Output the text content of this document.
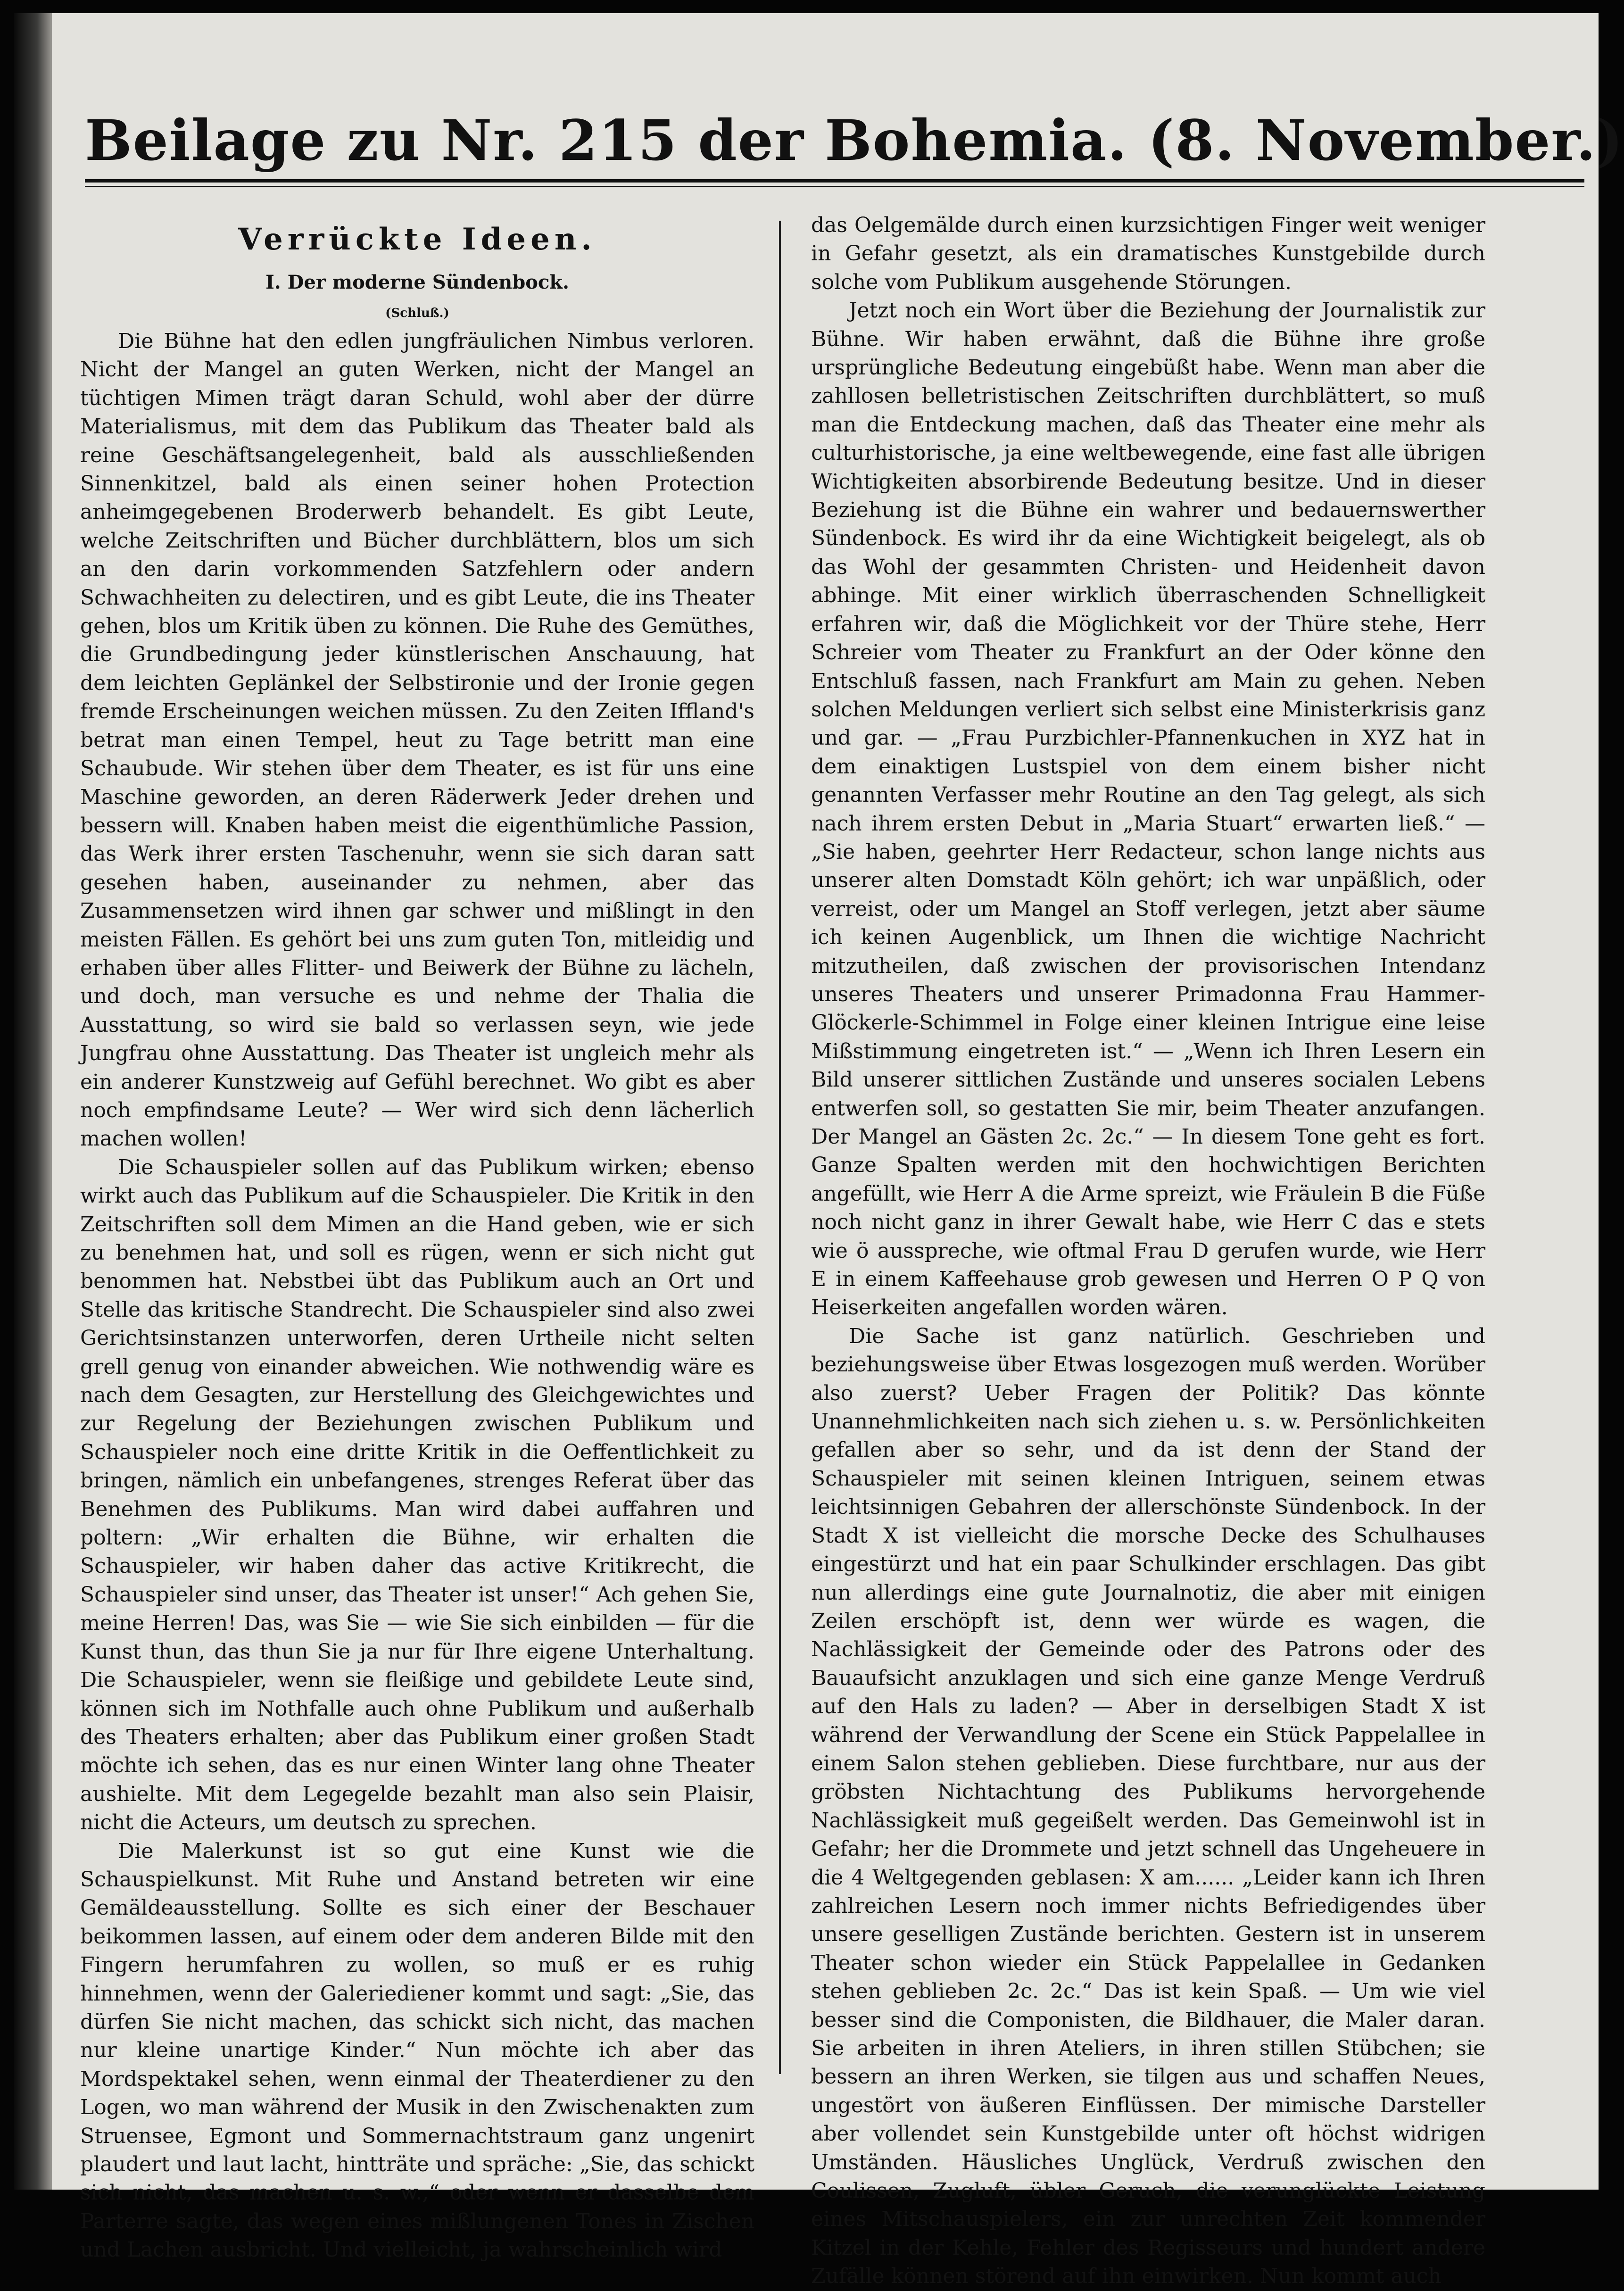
Beilage zu Nr. 215 der Bohemia. (8. November.)
Verrückte Ideen.
I. Der moderne Sündenbock.
(Schluß.)

Die Bühne hat den edlen jungfräulichen Nimbus verloren. Nicht der Mangel an guten Werken, nicht der Mangel an tüchtigen Mimen trägt daran Schuld, wohl aber der dürre Materialismus, mit dem das Publikum das Theater bald als reine Geschäftsangelegenheit, bald als ausschließenden Sinnenkitzel, bald als einen seiner hohen Protection anheimgegebenen Broderwerb behandelt. Es gibt Leute, welche Zeitschriften und Bücher durchblättern, blos um sich an den darin vorkommenden Satzfehlern oder andern Schwachheiten zu delectiren, und es gibt Leute, die ins Theater gehen, blos um Kritik üben zu können. Die Ruhe des Gemüthes, die Grundbedingung jeder künstlerischen Anschauung, hat dem leichten Geplänkel der Selbstironie und der Ironie gegen fremde Erscheinungen weichen müssen. Zu den Zeiten Iffland's betrat man einen Tempel, heut zu Tage betritt man eine Schaubude. Wir stehen über dem Theater, es ist für uns eine Maschine geworden, an deren Räderwerk Jeder drehen und bessern will. Knaben haben meist die eigenthümliche Passion, das Werk ihrer ersten Taschenuhr, wenn sie sich daran satt gesehen haben, auseinander zu nehmen, aber das Zusammensetzen wird ihnen gar schwer und mißlingt in den meisten Fällen. Es gehört bei uns zum guten Ton, mitleidig und erhaben über alles Flitter- und Beiwerk der Bühne zu lächeln, und doch, man versuche es und nehme der Thalia die Ausstattung, so wird sie bald so verlassen seyn, wie jede Jungfrau ohne Ausstattung. Das Theater ist ungleich mehr als ein anderer Kunstzweig auf Gefühl berechnet. Wo gibt es aber noch empfindsame Leute? — Wer wird sich denn lächerlich machen wollen!

Die Schauspieler sollen auf das Publikum wirken; ebenso wirkt auch das Publikum auf die Schauspieler. Die Kritik in den Zeitschriften soll dem Mimen an die Hand geben, wie er sich zu benehmen hat, und soll es rügen, wenn er sich nicht gut benommen hat. Nebstbei übt das Publikum auch an Ort und Stelle das kritische Standrecht. Die Schauspieler sind also zwei Gerichtsinstanzen unterworfen, deren Urtheile nicht selten grell genug von einander abweichen. Wie nothwendig wäre es nach dem Gesagten, zur Herstellung des Gleichgewichtes und zur Regelung der Beziehungen zwischen Publikum und Schauspieler noch eine dritte Kritik in die Oeffentlichkeit zu bringen, nämlich ein unbefangenes, strenges Referat über das Benehmen des Publikums. Man wird dabei auffahren und poltern: „Wir erhalten die Bühne, wir erhalten die Schauspieler, wir haben daher das active Kritikrecht, die Schauspieler sind unser, das Theater ist unser!“ Ach gehen Sie, meine Herren! Das, was Sie — wie Sie sich einbilden — für die Kunst thun, das thun Sie ja nur für Ihre eigene Unterhaltung. Die Schauspieler, wenn sie fleißige und gebildete Leute sind, können sich im Nothfalle auch ohne Publikum und außerhalb des Theaters erhalten; aber das Publikum einer großen Stadt möchte ich sehen, das es nur einen Winter lang ohne Theater aushielte. Mit dem Legegelde bezahlt man also sein Plaisir, nicht die Acteurs, um deutsch zu sprechen.

Die Malerkunst ist so gut eine Kunst wie die Schauspielkunst. Mit Ruhe und Anstand betreten wir eine Gemäldeausstellung. Sollte es sich einer der Beschauer beikommen lassen, auf einem oder dem anderen Bilde mit den Fingern herumfahren zu wollen, so muß er es ruhig hinnehmen, wenn der Galeriediener kommt und sagt: „Sie, das dürfen Sie nicht machen, das schickt sich nicht, das machen nur kleine unartige Kinder.“ Nun möchte ich aber das Mordspektakel sehen, wenn einmal der Theaterdiener zu den Logen, wo man während der Musik in den Zwischenakten zum Struensee, Egmont und Sommernachtstraum ganz ungenirt plaudert und laut lacht, hintträte und spräche: „Sie, das schickt sich nicht, das machen u. s. w.,“ oder wenn er dasselbe dem Parterre sagte, das wegen eines mißlungenen Tones in Zischen und Lachen ausbricht. Und vielleicht, ja wahrscheinlich wird

das Oelgemälde durch einen kurzsichtigen Finger weit weniger in Gefahr gesetzt, als ein dramatisches Kunstgebilde durch solche vom Publikum ausgehende Störungen.

Jetzt noch ein Wort über die Beziehung der Journalistik zur Bühne. Wir haben erwähnt, daß die Bühne ihre große ursprüngliche Bedeutung eingebüßt habe. Wenn man aber die zahllosen belletristischen Zeitschriften durchblättert, so muß man die Entdeckung machen, daß das Theater eine mehr als culturhistorische, ja eine weltbewegende, eine fast alle übrigen Wichtigkeiten absorbirende Bedeutung besitze. Und in dieser Beziehung ist die Bühne ein wahrer und bedauernswerther Sündenbock. Es wird ihr da eine Wichtigkeit beigelegt, als ob das Wohl der gesammten Christen- und Heidenheit davon abhinge. Mit einer wirklich überraschenden Schnelligkeit erfahren wir, daß die Möglichkeit vor der Thüre stehe, Herr Schreier vom Theater zu Frankfurt an der Oder könne den Entschluß fassen, nach Frankfurt am Main zu gehen. Neben solchen Meldungen verliert sich selbst eine Ministerkrisis ganz und gar. — „Frau Purzbichler-Pfannenkuchen in XYZ hat in dem einaktigen Lustspiel von dem einem bisher nicht genannten Verfasser mehr Routine an den Tag gelegt, als sich nach ihrem ersten Debut in „Maria Stuart“ erwarten ließ.“ — „Sie haben, geehrter Herr Redacteur, schon lange nichts aus unserer alten Domstadt Köln gehört; ich war unpäßlich, oder verreist, oder um Mangel an Stoff verlegen, jetzt aber säume ich keinen Augenblick, um Ihnen die wichtige Nachricht mitzutheilen, daß zwischen der provisorischen Intendanz unseres Theaters und unserer Primadonna Frau Hammer-Glöckerle-Schimmel in Folge einer kleinen Intrigue eine leise Mißstimmung eingetreten ist.“ — „Wenn ich Ihren Lesern ein Bild unserer sittlichen Zustände und unseres socialen Lebens entwerfen soll, so gestatten Sie mir, beim Theater anzufangen. Der Mangel an Gästen 2c. 2c.“ — In diesem Tone geht es fort. Ganze Spalten werden mit den hochwichtigen Berichten angefüllt, wie Herr A die Arme spreizt, wie Fräulein B die Füße noch nicht ganz in ihrer Gewalt habe, wie Herr C das e stets wie ö ausspreche, wie oftmal Frau D gerufen wurde, wie Herr E in einem Kaffeehause grob gewesen und Herren O P Q von Heiserkeiten angefallen worden wären.

Die Sache ist ganz natürlich. Geschrieben und beziehungsweise über Etwas losgezogen muß werden. Worüber also zuerst? Ueber Fragen der Politik? Das könnte Unannehmlichkeiten nach sich ziehen u. s. w. Persönlichkeiten gefallen aber so sehr, und da ist denn der Stand der Schauspieler mit seinen kleinen Intriguen, seinem etwas leichtsinnigen Gebahren der allerschönste Sündenbock. In der Stadt X ist vielleicht die morsche Decke des Schulhauses eingestürzt und hat ein paar Schulkinder erschlagen. Das gibt nun allerdings eine gute Journalnotiz, die aber mit einigen Zeilen erschöpft ist, denn wer würde es wagen, die Nachlässigkeit der Gemeinde oder des Patrons oder des Bauaufsicht anzuklagen und sich eine ganze Menge Verdruß auf den Hals zu laden? — Aber in derselbigen Stadt X ist während der Verwandlung der Scene ein Stück Pappelallee in einem Salon stehen geblieben. Diese furchtbare, nur aus der gröbsten Nichtachtung des Publikums hervorgehende Nachlässigkeit muß gegeißelt werden. Das Gemeinwohl ist in Gefahr; her die Drommete und jetzt schnell das Ungeheuere in die 4 Weltgegenden geblasen: X am...... „Leider kann ich Ihren zahlreichen Lesern noch immer nichts Befriedigendes über unsere geselligen Zustände berichten. Gestern ist in unserem Theater schon wieder ein Stück Pappelallee in Gedanken stehen geblieben 2c. 2c.“ Das ist kein Spaß. — Um wie viel besser sind die Componisten, die Bildhauer, die Maler daran. Sie arbeiten in ihren Ateliers, in ihren stillen Stübchen; sie bessern an ihren Werken, sie tilgen aus und schaffen Neues, ungestört von äußeren Einflüssen. Der mimische Darsteller aber vollendet sein Kunstgebilde unter oft höchst widrigen Umständen. Häusliches Unglück, Verdruß zwischen den Coulissen, Zugluft, übler Geruch, die verunglückte Leistung eines Mitschauspielers, ein zur unrechten Zeit kommender Kitzel in der Kehle, Fehler des Regisseurs und hundert andere Zufälle können störend auf ihn einwirken. Nun kommt auch
